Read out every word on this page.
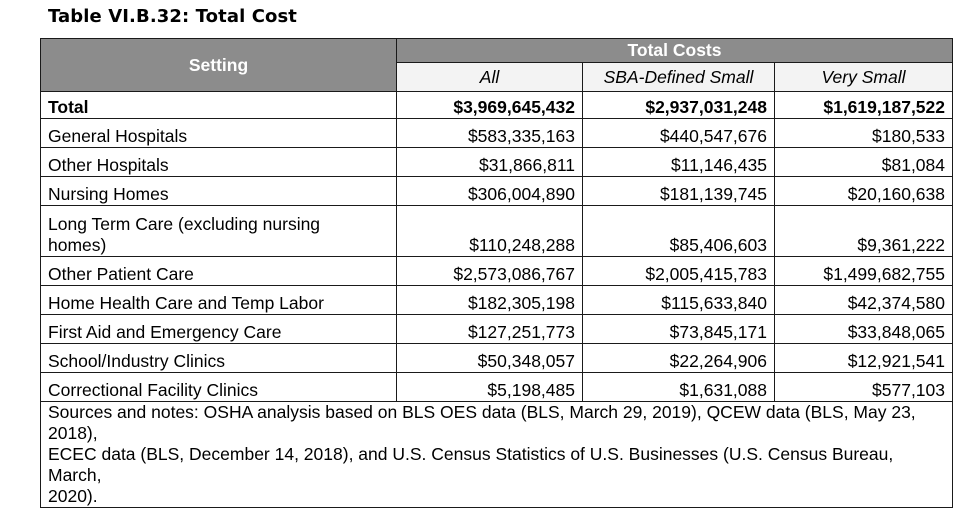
Table VI.B.32: Total Cost
Setting	Total Costs		
	All	SBA-Defined Small	Very Small
Total	$3,969,645,432	$2,937,031,248	$1,619,187,522
General Hospitals	$583,335,163	$440,547,676	$180,533
Other Hospitals	$31,866,811	$11,146,435	$81,084
Nursing Homes	$306,004,890	$181,139,745	$20,160,638
Long Term Care (excluding nursing
homes)	$110,248,288	$85,406,603	$9,361,222
Other Patient Care	$2,573,086,767	$2,005,415,783	$1,499,682,755
Home Health Care and Temp Labor	$182,305,198	$115,633,840	$42,374,580
First Aid and Emergency Care	$127,251,773	$73,845,171	$33,848,065
School/Industry Clinics	$50,348,057	$22,264,906	$12,921,541
Correctional Facility Clinics	$5,198,485	$1,631,088	$577,103
Sources and notes: OSHA analysis based on BLS OES data (BLS, March 29, 2019), QCEW data (BLS, May 23, 2018),
ECEC data (BLS, December 14, 2018), and U.S. Census Statistics of U.S. Businesses (U.S. Census Bureau, March,
2020).			
